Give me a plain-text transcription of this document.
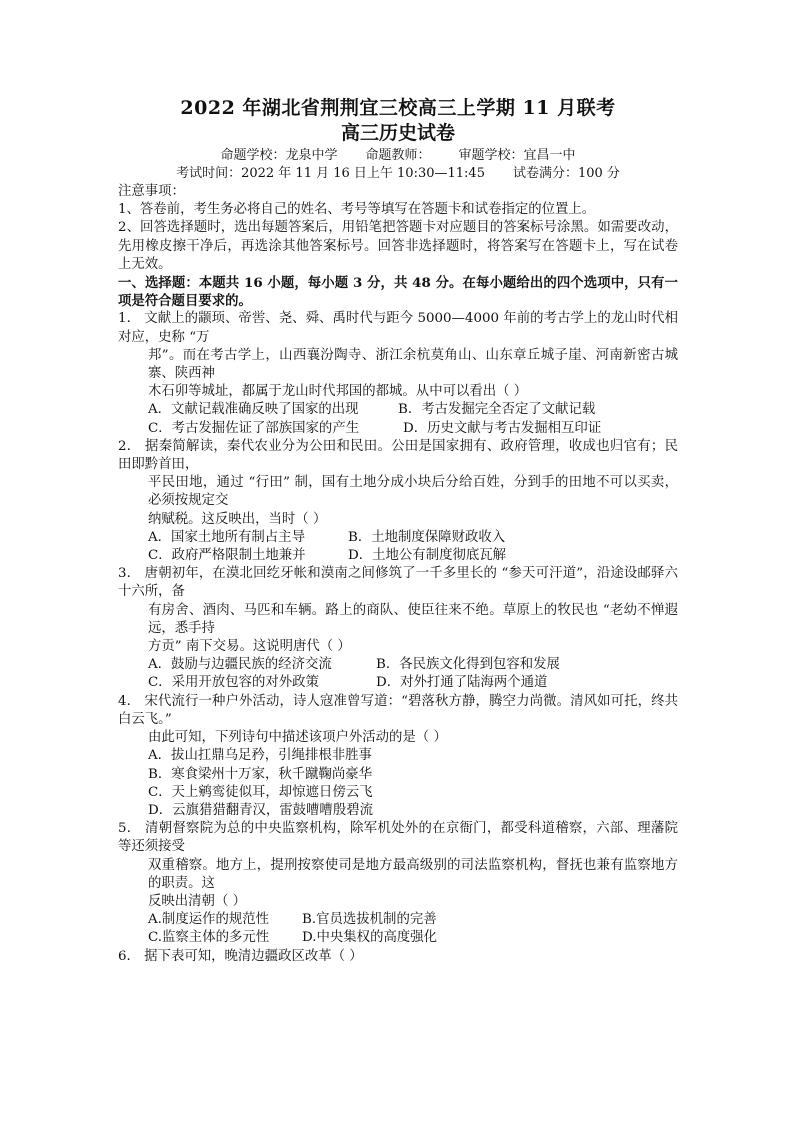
2022 年湖北省荆荆宜三校高三上学期 11 月联考
高三历史试卷
命题学校：龙泉中学 命题教师： 审题学校：宜昌一中
考试时间：2022 年 11 月 16 日上午 10:30—11:45 试卷满分：100 分
注意事项：
1、答卷前，考生务必将自己的姓名、考号等填写在答题卡和试卷指定的位置上。
2、回答选择题时，选出每题答案后，用铅笔把答题卡对应题目的答案标号涂黑。如需要改动，先用橡皮擦干净后，再选涂其他答案标号。回答非选择题时，将答案写在答题卡上，写在试卷上无效。
一、选择题：本题共 16 小题，每小题 3 分，共 48 分。在每小题给出的四个选项中，只有一项是符合题目要求的。
1． 文献上的颛顼、帝喾、尧、舜、禹时代与距今 5000—4000 年前的考古学上的龙山时代相对应，史称 “万
邦”。而在考古学上，山西襄汾陶寺、浙江余杭莫角山、山东章丘城子崖、河南新密古城寨、陕西神
木石卯等城址，都属于龙山时代邦国的都城。从中可以看出（ ）
A．文献记载准确反映了国家的出现	B．考古发掘完全否定了文献记载
C．考古发掘佐证了部族国家的产生	D．历史文献与考古发掘相互印证
2． 据秦简解读，秦代农业分为公田和民田。公田是国家拥有、政府管理，收成也归官有；民田即黔首田，
平民田地，通过 “行田” 制，国有土地分成小块后分给百姓，分到手的田地不可以买卖，必须按规定交
纳赋税。这反映出，当时（ ）
A．国家土地所有制占主导	B．土地制度保障财政收入
C．政府严格限制土地兼并	D．土地公有制度彻底瓦解
3． 唐朝初年，在漠北回纥牙帐和漠南之间修筑了一千多里长的 “参天可汗道”，沿途设邮驿六十六所，备
有房舍、酒肉、马匹和车辆。路上的商队、使臣往来不绝。草原上的牧民也 “老幼不惮遐远，悉手持
方贡” 南下交易。这说明唐代（ ）
A．鼓励与边疆民族的经济交流	B．各民族文化得到包容和发展
C．采用开放包容的对外政策	D．对外打通了陆海两个通道
4． 宋代流行一种户外活动，诗人寇准曾写道：“碧落秋方静，腾空力尚微。清风如可托，终共白云飞。”
由此可知，下列诗句中描述该项户外活动的是（ ）
A．拔山扛鼎乌足矜，引绳排根非胜事
B．寒食梁州十万家，秋千蹴鞠尚豪华
C．天上鹓鸾徒似耳，却惊遮日傍云飞
D．云旗猎猎翻青汉，雷鼓嘈嘈殷碧流
5． 清朝督察院为总的中央监察机构，除军机处外的在京衙门，都受科道稽察，六部、理藩院等还须接受
双重稽察。地方上，提刑按察使司是地方最高级别的司法监察机构，督抚也兼有监察地方的职责。这
反映出清朝（ ）
A.制度运作的规范性 B.官员选拔机制的完善
C.监察主体的多元性 D.中央集权的高度强化
6． 据下表可知，晚清边疆政区改革（ ）
